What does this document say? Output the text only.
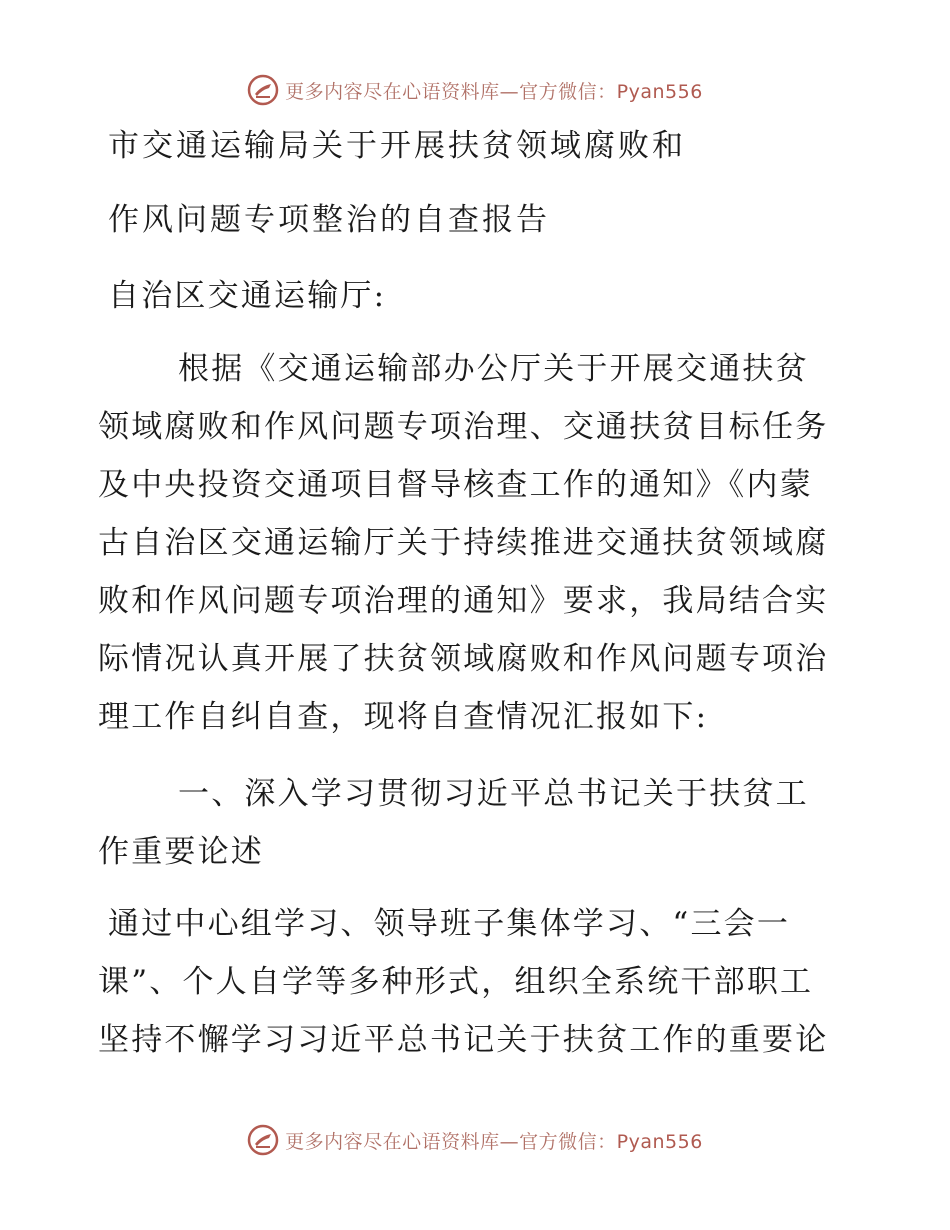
更多内容尽在心语资料库—官方微信：Pyan556
市交通运输局关于开展扶贫领域腐败和
作风问题专项整治的自查报告
自治区交通运输厅:
根据《交通运输部办公厅关于开展交通扶贫
领域腐败和作风问题专项治理、交通扶贫目标任务
及中央投资交通项目督导核查工作的通知》《内蒙
古自治区交通运输厅关于持续推进交通扶贫领域腐
败和作风问题专项治理的通知》要求，我局结合实
际情况认真开展了扶贫领域腐败和作风问题专项治
理工作自纠自查，现将自查情况汇报如下:
一、深入学习贯彻习近平总书记关于扶贫工
作重要论述
通过中心组学习、领导班子集体学习、“三会一
课”、个人自学等多种形式，组织全系统干部职工
坚持不懈学习习近平总书记关于扶贫工作的重要论
更多内容尽在心语资料库—官方微信：Pyan556
